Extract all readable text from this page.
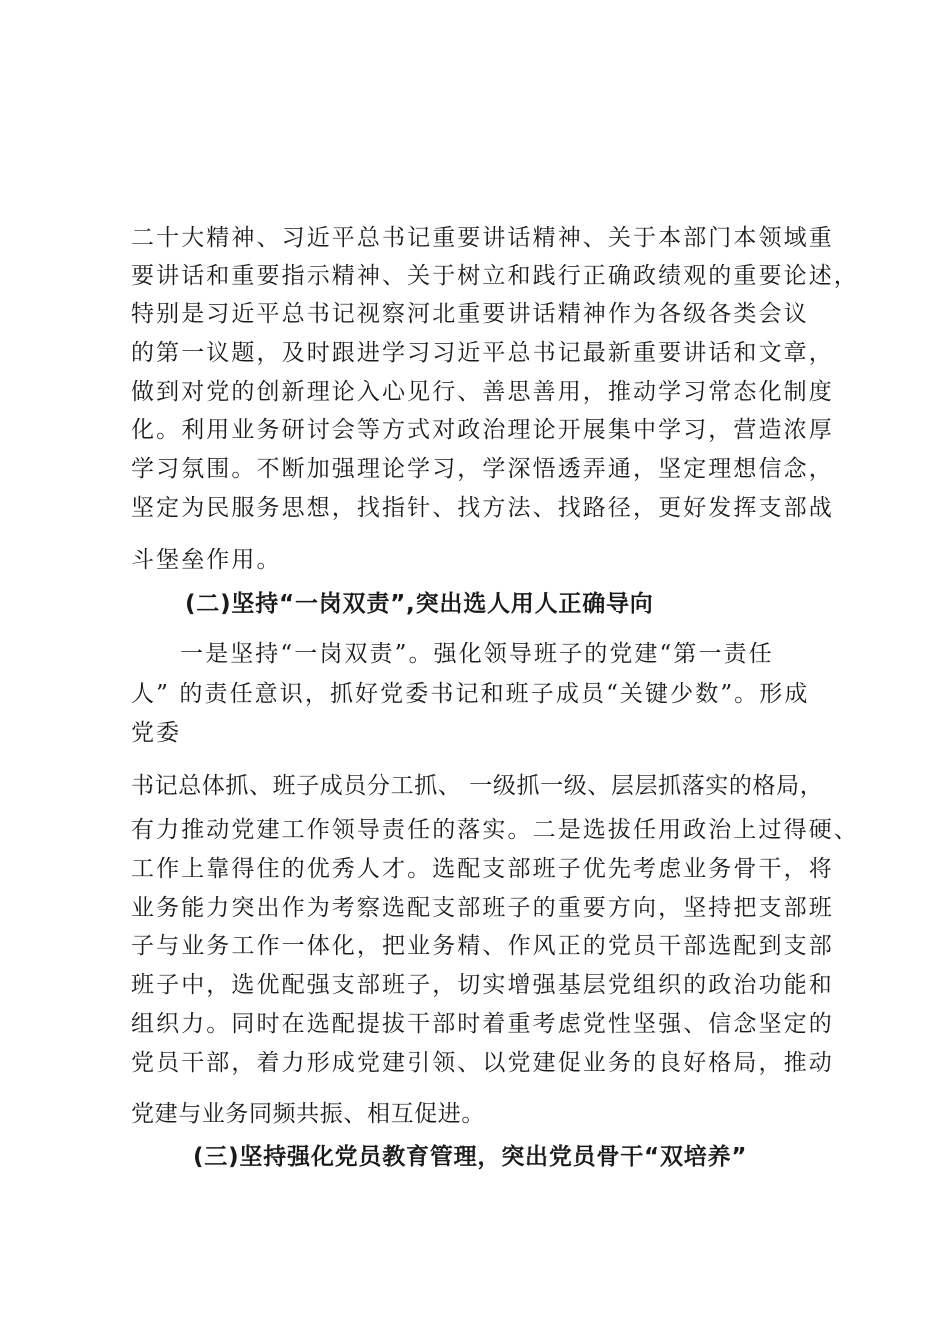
二十大精神、习近平总书记重要讲话精神、关于本部门本领域重
要讲话和重要指示精神、关于树立和践行正确政绩观的重要论述，
特别是习近平总书记视察河北重要讲话精神作为各级各类会议
的第一议题，及时跟进学习习近平总书记最新重要讲话和文章，
做到对党的创新理论入心见行、善思善用，推动学习常态化制度
化。利用业务研讨会等方式对政治理论开展集中学习，营造浓厚
学习氛围。不断加强理论学习，学深悟透弄通，坚定理想信念，
坚定为民服务思想，找指针、找方法、找路径，更好发挥支部战
斗堡垒作用。
(二)坚持“一岗双责”,突出选人用人正确导向
一是坚持“一岗双责”。强化领导班子的党建“第一责任
人” 的责任意识，抓好党委书记和班子成员“关键少数”。形成
党委
书记总体抓、班子成员分工抓、 一级抓一级、层层抓落实的格局，
有力推动党建工作领导责任的落实。二是选拔任用政治上过得硬、
工作上靠得住的优秀人才。选配支部班子优先考虑业务骨干，将
业务能力突出作为考察选配支部班子的重要方向，坚持把支部班
子与业务工作一体化，把业务精、作风正的党员干部选配到支部
班子中，选优配强支部班子，切实增强基层党组织的政治功能和
组织力。同时在选配提拔干部时着重考虑党性坚强、信念坚定的
党员干部，着力形成党建引领、以党建促业务的良好格局，推动
党建与业务同频共振、相互促进。
(三)坚持强化党员教育管理，突出党员骨干“双培养”
